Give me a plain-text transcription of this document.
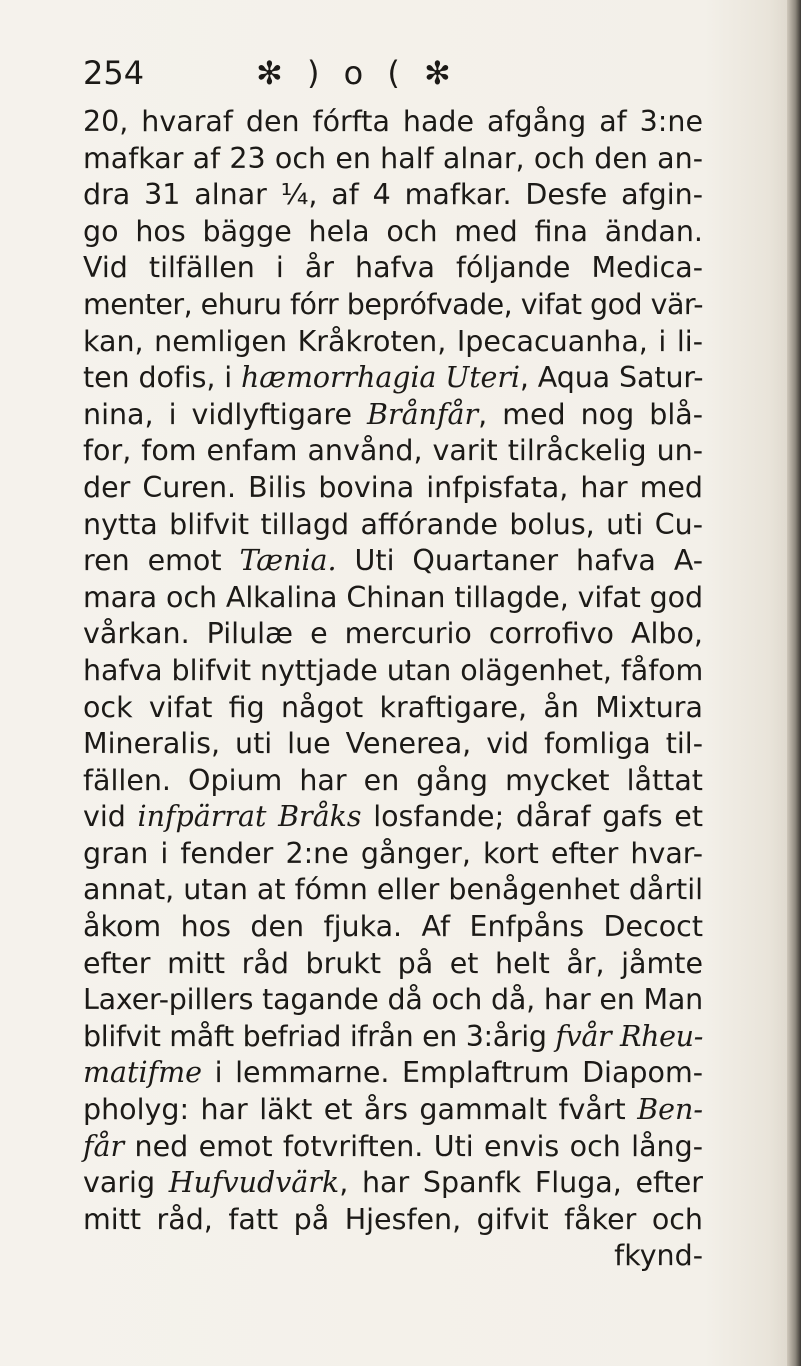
254	✻ ) o ( ✻
20, hvaraf den fórfta hade afgång af 3:ne
mafkar af 23 och en half alnar, och den an-
dra 31 alnar ¼, af 4 mafkar. Desfe afgin-
go hos bägge hela och med fina ändan.
Vid tilfällen i år hafva fóljande Medica-
menter, ehuru fórr beprófvade, vifat god vär-
kan, nemligen Kråkroten, Ipecacuanha, i li-
ten dofis, i hæmorrhagia Uteri, Aqua Satur-
nina, i vidlyftigare Brånfår, med nog blå-
for, fom enfam anvånd, varit tilråckelig un-
der Curen. Bilis bovina infpisfata, har med
nytta blifvit tillagd affórande bolus, uti Cu-
ren emot Tænia. Uti Quartaner hafva A-
mara och Alkalina Chinan tillagde, vifat god
vårkan. Pilulæ e mercurio corrofivo Albo,
hafva blifvit nyttjade utan olägenhet, fåfom
ock vifat fig något kraftigare, ån Mixtura
Mineralis, uti lue Venerea, vid fomliga til-
fällen. Opium har en gång mycket låttat
vid infpärrat Bråks losfande; dåraf gafs et
gran i fender 2:ne gånger, kort efter hvar-
annat, utan at fómn eller benågenhet dårtil
åkom hos den fjuka. Af Enfpåns Decoct
efter mitt råd brukt på et helt år, jåmte
Laxer-pillers tagande då och då, har en Man
blifvit måft befriad ifrån en 3:årig fvår Rheu-
matifme i lemmarne. Emplaftrum Diapom-
pholyg: har läkt et års gammalt fvårt Ben-
får ned emot fotvriften. Uti envis och lång-
varig Hufvudvärk, har Spanfk Fluga, efter
mitt råd, fatt på Hjesfen, gifvit fåker och
fkynd-
